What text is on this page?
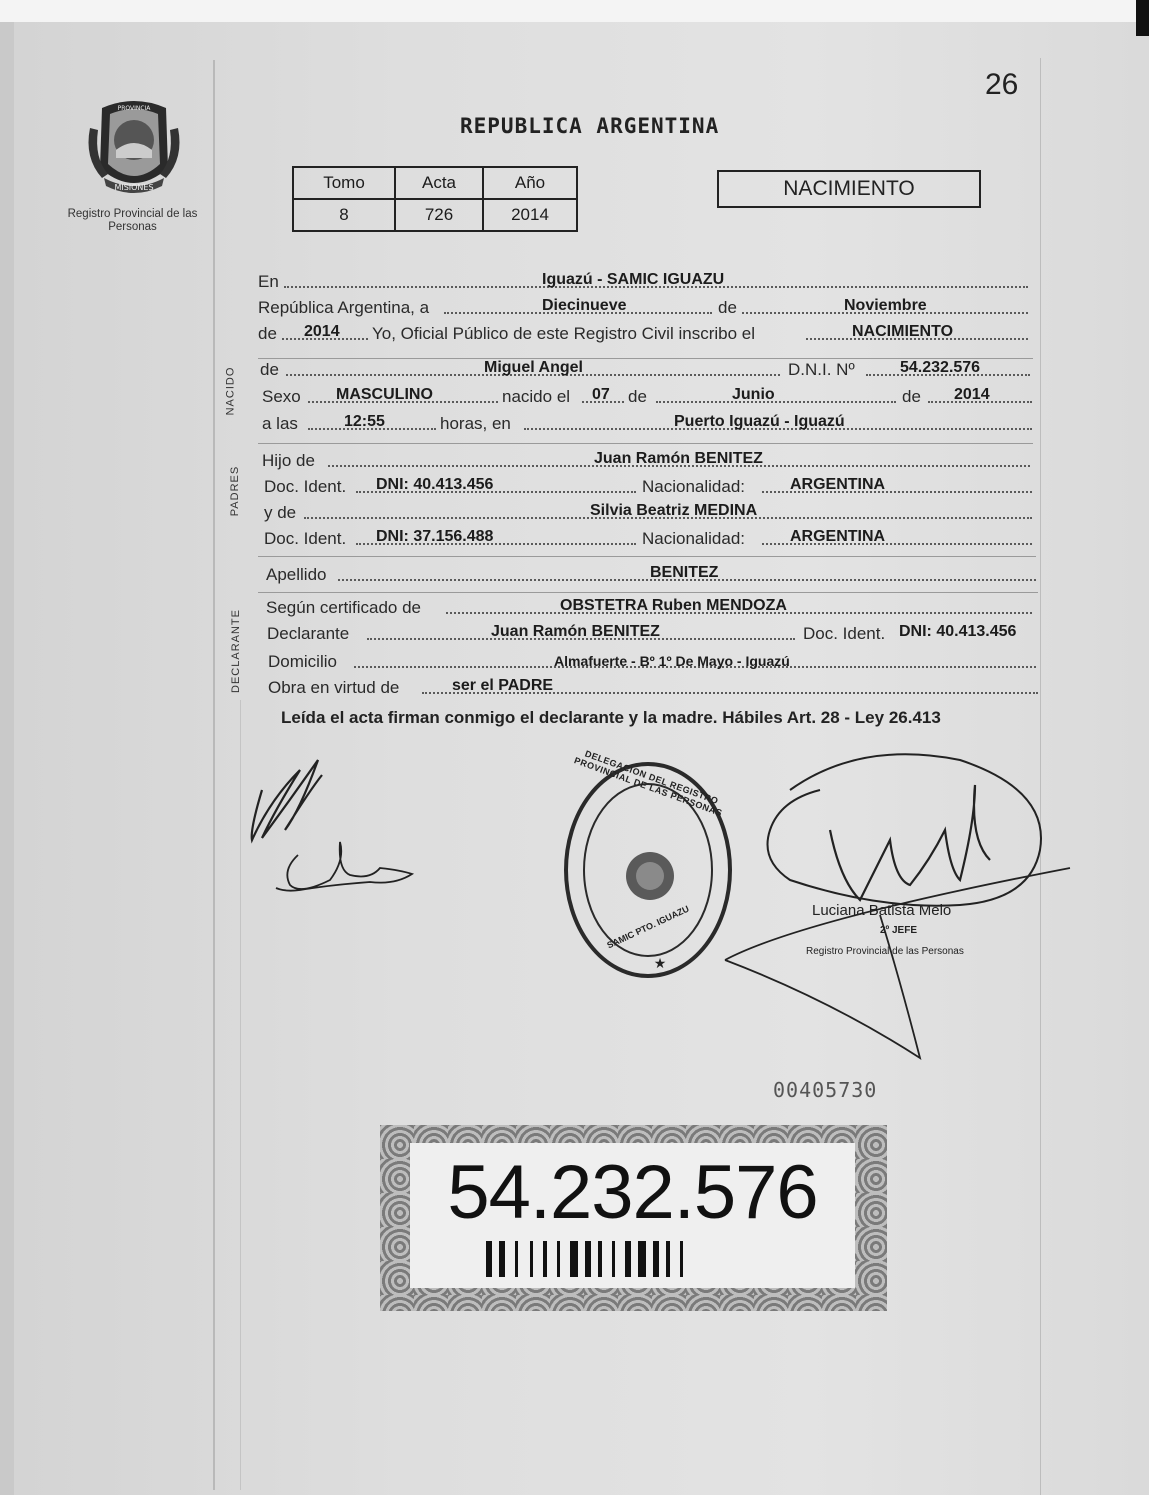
26
REPUBLICA ARGENTINA
PROVINCIA
MISIONES
Registro Provincial de las Personas
Tomo	Acta	Año
8	726	2014
NACIMIENTO
NACIDO
PADRES
DECLARANTE
En	Iguazú - SAMIC IGUAZU
República Argentina, a	Diecinueve	de	Noviembre
de 2014 Yo, Oficial Público de este Registro Civil inscribo el	NACIMIENTO
de	Miguel Angel	D.N.I. Nº	54.232.576
Sexo MASCULINO	nacido el 07 de	Junio	de 2014
a las	12:55	horas, en	Puerto Iguazú - Iguazú
Hijo de	Juan Ramón BENITEZ
Doc. Ident. DNI: 40.413.456	Nacionalidad:	ARGENTINA
y de	Silvia Beatriz MEDINA
Doc. Ident. DNI: 37.156.488	Nacionalidad:	ARGENTINA
Apellido	BENITEZ
Según certificado de	OBSTETRA Ruben MENDOZA
Declarante	Juan Ramón BENITEZ	Doc. Ident. DNI: 40.413.456
Domicilio	Almafuerte - Bº 1º De Mayo - Iguazú
Obra en virtud de	ser el PADRE
Leída el acta firman conmigo el declarante y la madre. Hábiles Art. 28 - Ley 26.413
★
DELEGACION DEL REGISTRO PROVINCIAL DE LAS PERSONAS
SAMIC PTO. IGUAZU	Luciana Batista Melo
2º JEFE
Registro Provincial de las Personas
00405730
54.232.576
